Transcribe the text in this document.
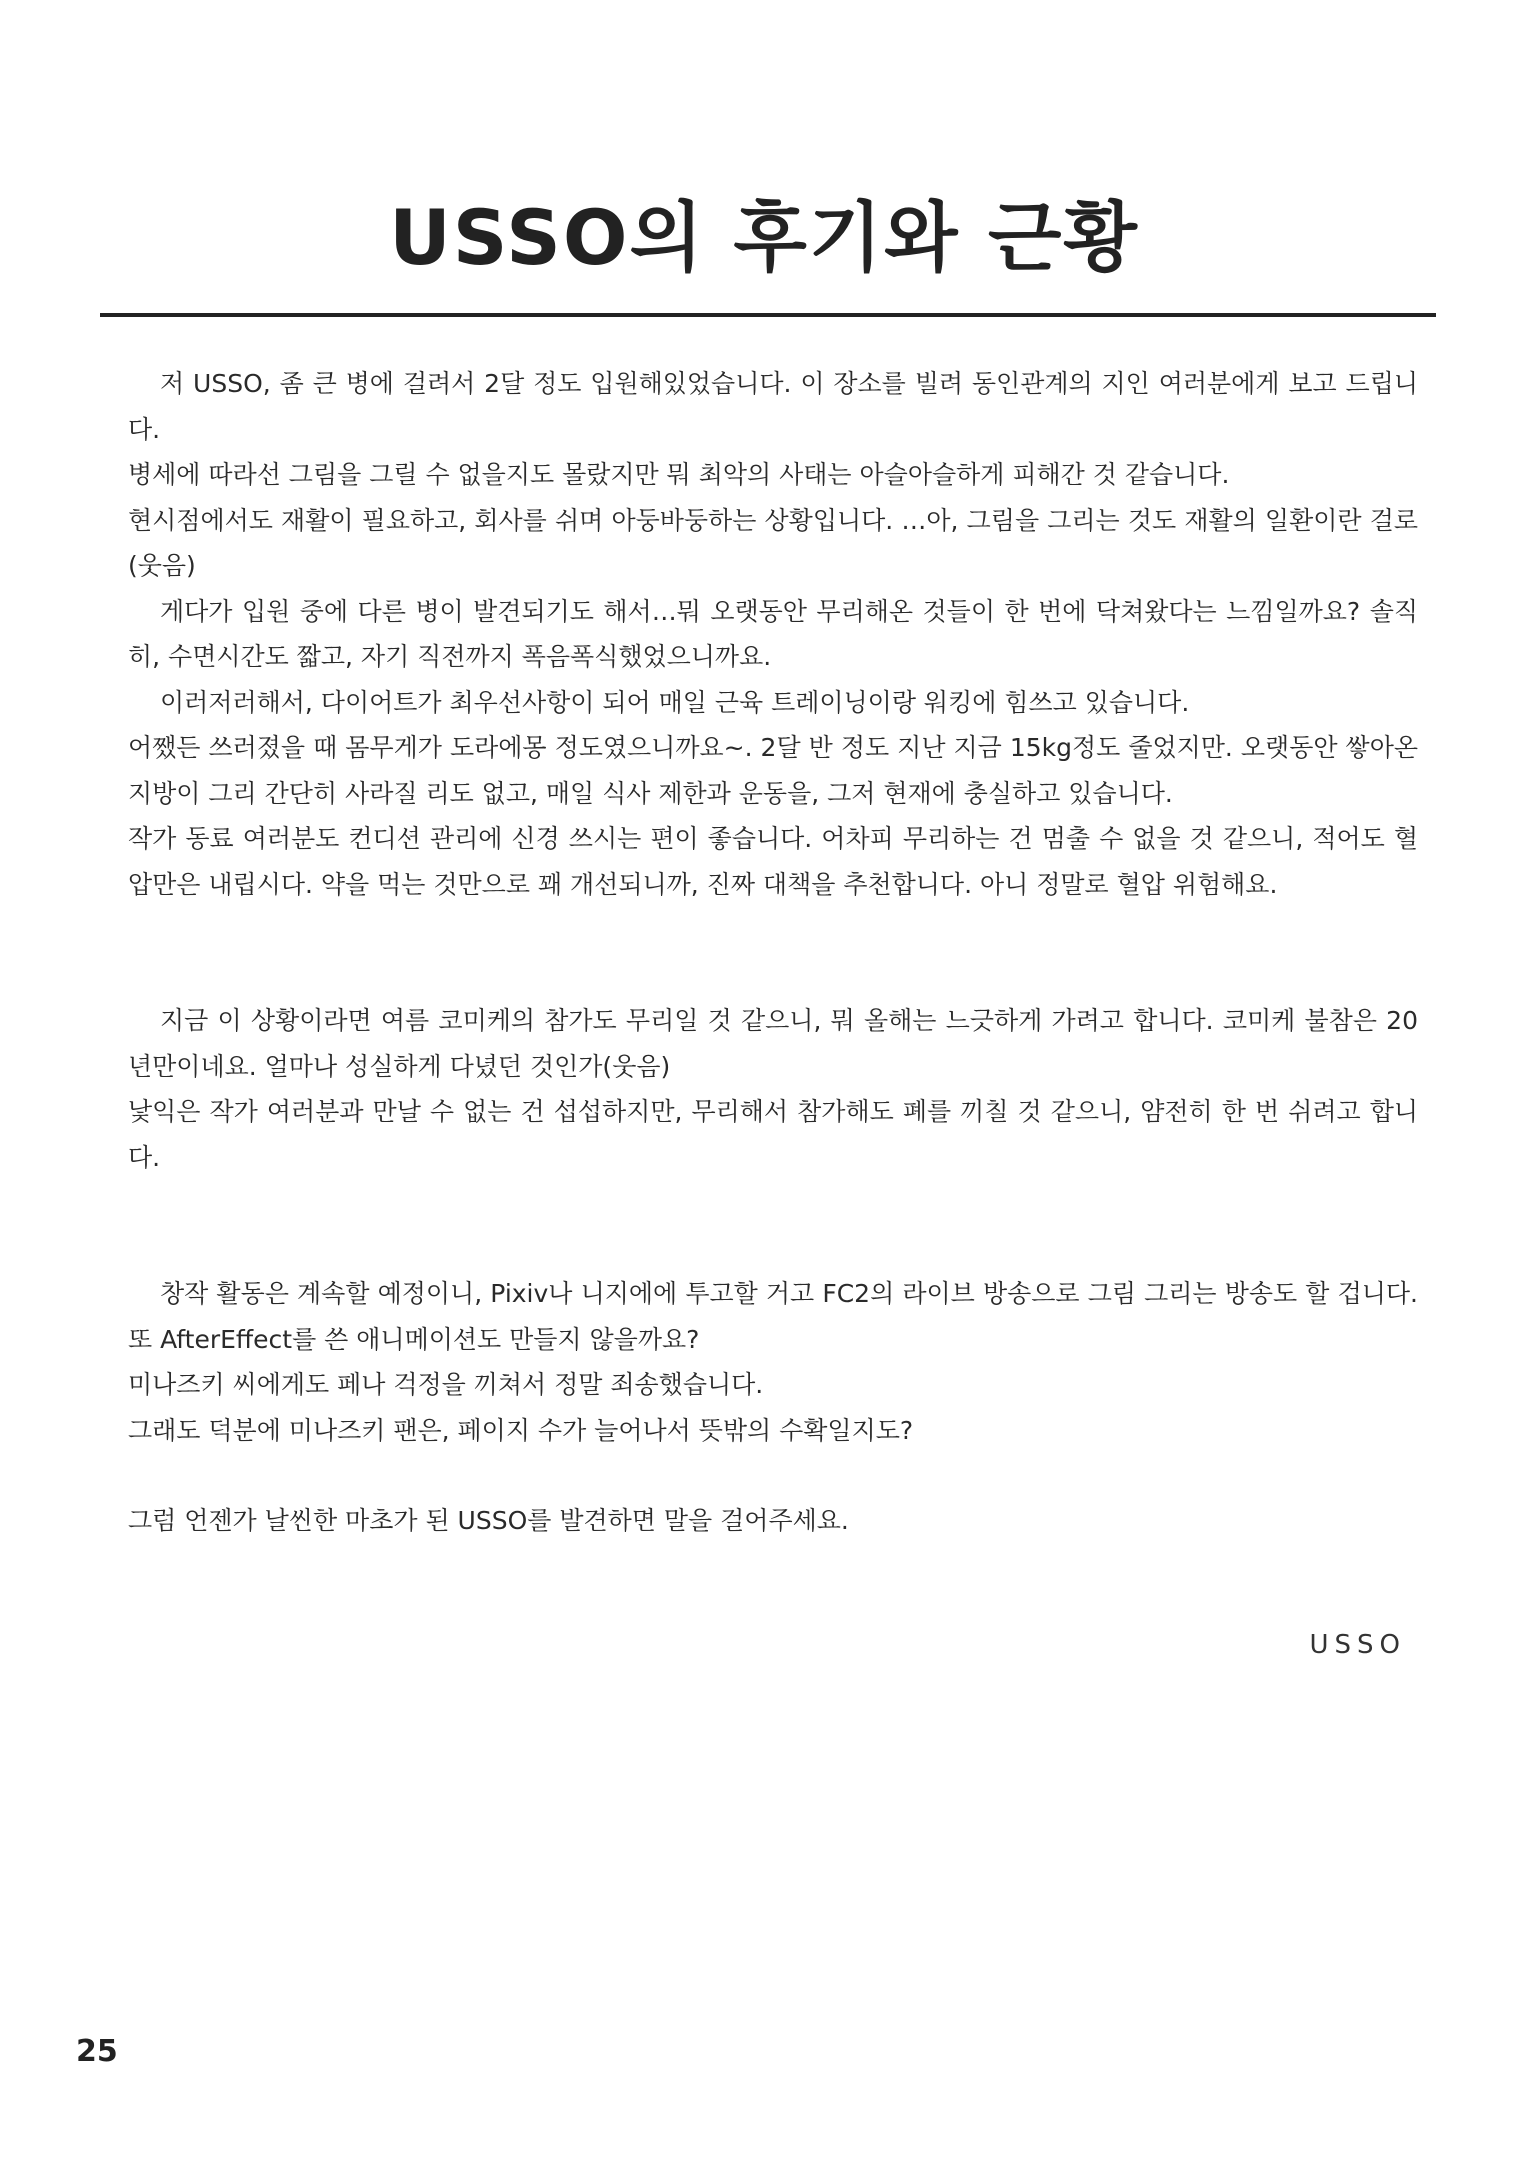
USSO의 후기와 근황

저 USSO, 좀 큰 병에 걸려서 2달 정도 입원해있었습니다. 이 장소를 빌려 동인관계의 지인 여러분에게 보고 드립니다.

병세에 따라선 그림을 그릴 수 없을지도 몰랐지만 뭐 최악의 사태는 아슬아슬하게 피해간 것 같습니다.

현시점에서도 재활이 필요하고, 회사를 쉬며 아둥바둥하는 상황입니다. …아, 그림을 그리는 것도 재활의 일환이란 걸로(웃음)

게다가 입원 중에 다른 병이 발견되기도 해서…뭐 오랫동안 무리해온 것들이 한 번에 닥쳐왔다는 느낌일까요? 솔직히, 수면시간도 짧고, 자기 직전까지 폭음폭식했었으니까요.

이러저러해서, 다이어트가 최우선사항이 되어 매일 근육 트레이닝이랑 워킹에 힘쓰고 있습니다.

어쨌든 쓰러졌을 때 몸무게가 도라에몽 정도였으니까요~. 2달 반 정도 지난 지금 15kg정도 줄었지만. 오랫동안 쌓아온 지방이 그리 간단히 사라질 리도 없고, 매일 식사 제한과 운동을, 그저 현재에 충실하고 있습니다.

작가 동료 여러분도 컨디션 관리에 신경 쓰시는 편이 좋습니다. 어차피 무리하는 건 멈출 수 없을 것 같으니, 적어도 혈압만은 내립시다. 약을 먹는 것만으로 꽤 개선되니까, 진짜 대책을 추천합니다. 아니 정말로 혈압 위험해요.

지금 이 상황이라면 여름 코미케의 참가도 무리일 것 같으니, 뭐 올해는 느긋하게 가려고 합니다. 코미케 불참은 20년만이네요. 얼마나 성실하게 다녔던 것인가(웃음)

낯익은 작가 여러분과 만날 수 없는 건 섭섭하지만, 무리해서 참가해도 폐를 끼칠 것 같으니, 얌전히 한 번 쉬려고 합니다.

창작 활동은 계속할 예정이니, Pixiv나 니지에에 투고할 거고 FC2의 라이브 방송으로 그림 그리는 방송도 할 겁니다. 또 AfterEffect를 쓴 애니메이션도 만들지 않을까요?

미나즈키 씨에게도 페나 걱정을 끼쳐서 정말 죄송했습니다.

그래도 덕분에 미나즈키 팬은, 페이지 수가 늘어나서 뜻밖의 수확일지도?

그럼 언젠가 날씬한 마초가 된 USSO를 발견하면 말을 걸어주세요.

USSO
25
